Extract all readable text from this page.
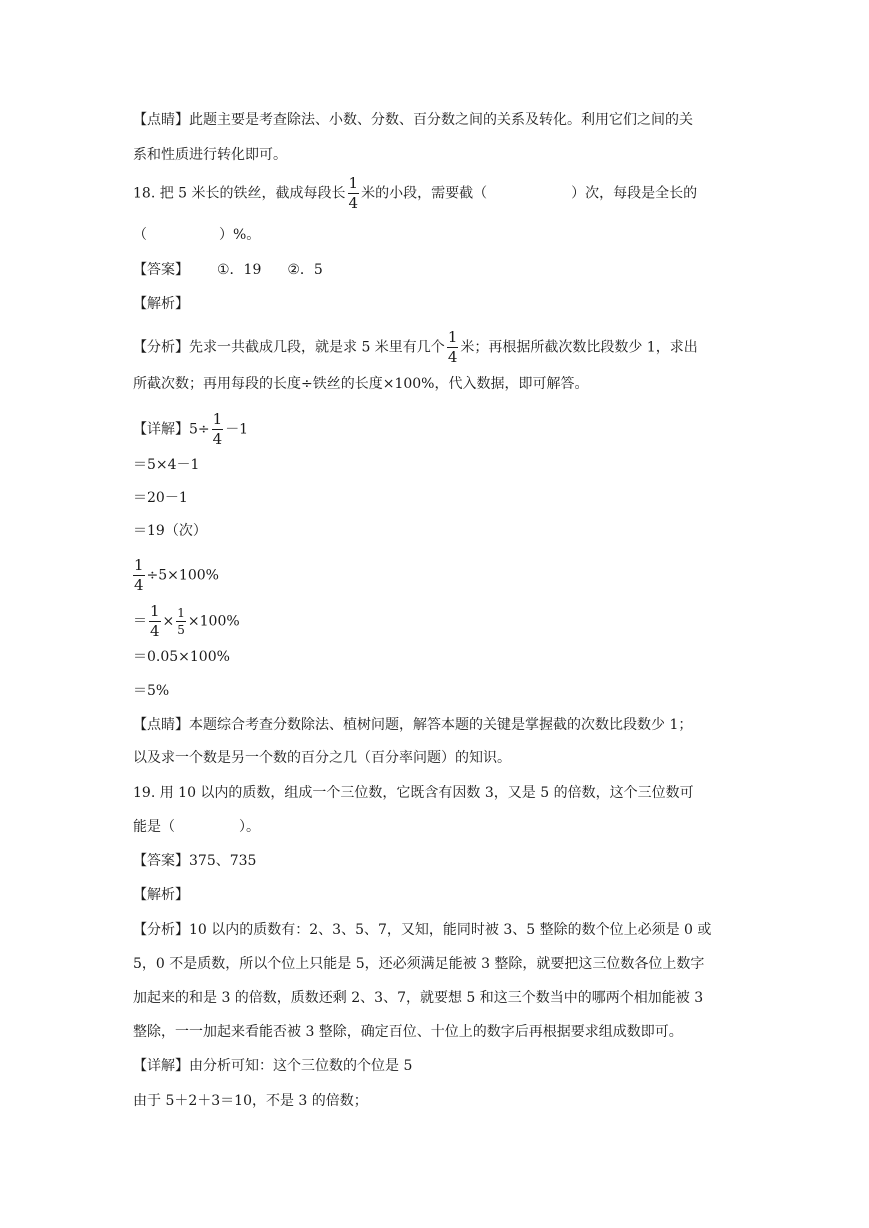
【点睛】此题主要是考查除法、小数、分数、百分数之间的关系及转化。利用它们之间的关
系和性质进行转化即可。
18. 把 5 米长的铁丝，截成每段长 $\frac{1}{4}$ 米的小段，需要截（	）次，每段是全长的
（	）%。
【答案】 ①．19 ②．5
【解析】
【分析】先求一共截成几段，就是求 5 米里有几个 $\frac{1}{4}$ 米；再根据所截次数比段数少 1，求出
所截次数；再用每段的长度÷铁丝的长度×100%，代入数据，即可解答。
【详解】$5\div \frac{1}{4} -1$
＝5×4－1
＝20－1
＝19（次）
$\frac{1}{4} \div 5\times 100\%$
＝ $\frac{1}{4} \times \frac{1}{5} \times 100\%$
＝0.05×100%
＝5%
【点睛】本题综合考查分数除法、植树问题，解答本题的关键是掌握截的次数比段数少 1；
以及求一个数是另一个数的百分之几（百分率问题）的知识。
19. 用 10 以内的质数，组成一个三位数，它既含有因数 3，又是 5 的倍数，这个三位数可
能是（	）。
【答案】375、735
【解析】
【分析】10 以内的质数有：2、3、5、7，又知，能同时被 3、5 整除的数个位上必须是 0 或
5，0 不是质数，所以个位上只能是 5，还必须满足能被 3 整除，就要把这三位数各位上数字
加起来的和是 3 的倍数，质数还剩 2、3、7，就要想 5 和这三个数当中的哪两个相加能被 3
整除，一一加起来看能否被 3 整除，确定百位、十位上的数字后再根据要求组成数即可。
【详解】由分析可知：这个三位数的个位是 5
由于 5＋2＋3＝10，不是 3 的倍数；
